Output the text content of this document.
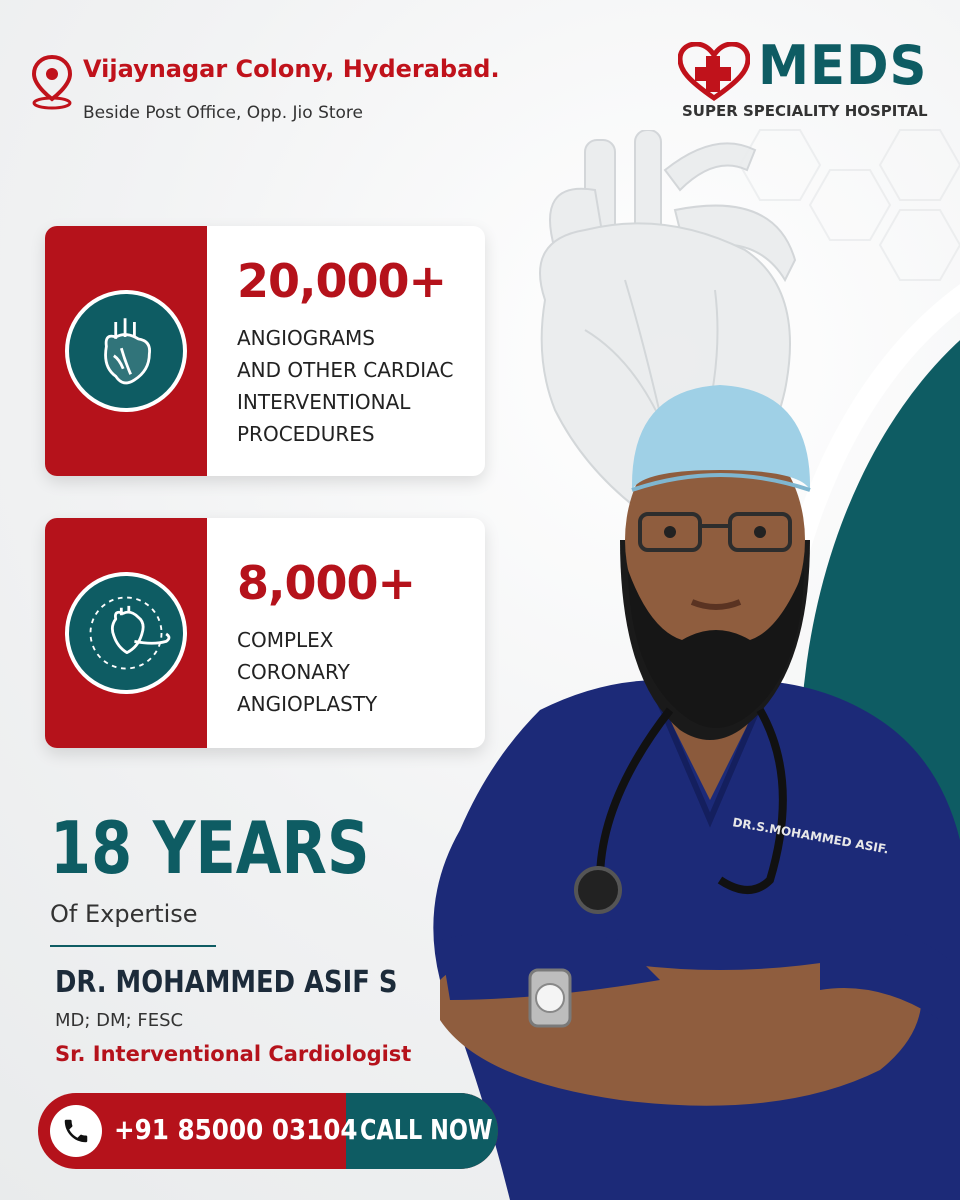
Vijaynagar Colony, Hyderabad.
Beside Post Office, Opp. Jio Store
MEDS
SUPER SPECIALITY HOSPITAL
20,000+
ANGIOGRAMS
AND OTHER CARDIAC
INTERVENTIONAL
PROCEDURES
8,000+
COMPLEX
CORONARY
ANGIOPLASTY
DR.S.MOHAMMED ASIF.
18 YEARS
Of Expertise
DR. MOHAMMED ASIF S
MD; DM; FESC
Sr. Interventional Cardiologist
+91 85000 03104 CALL NOW
